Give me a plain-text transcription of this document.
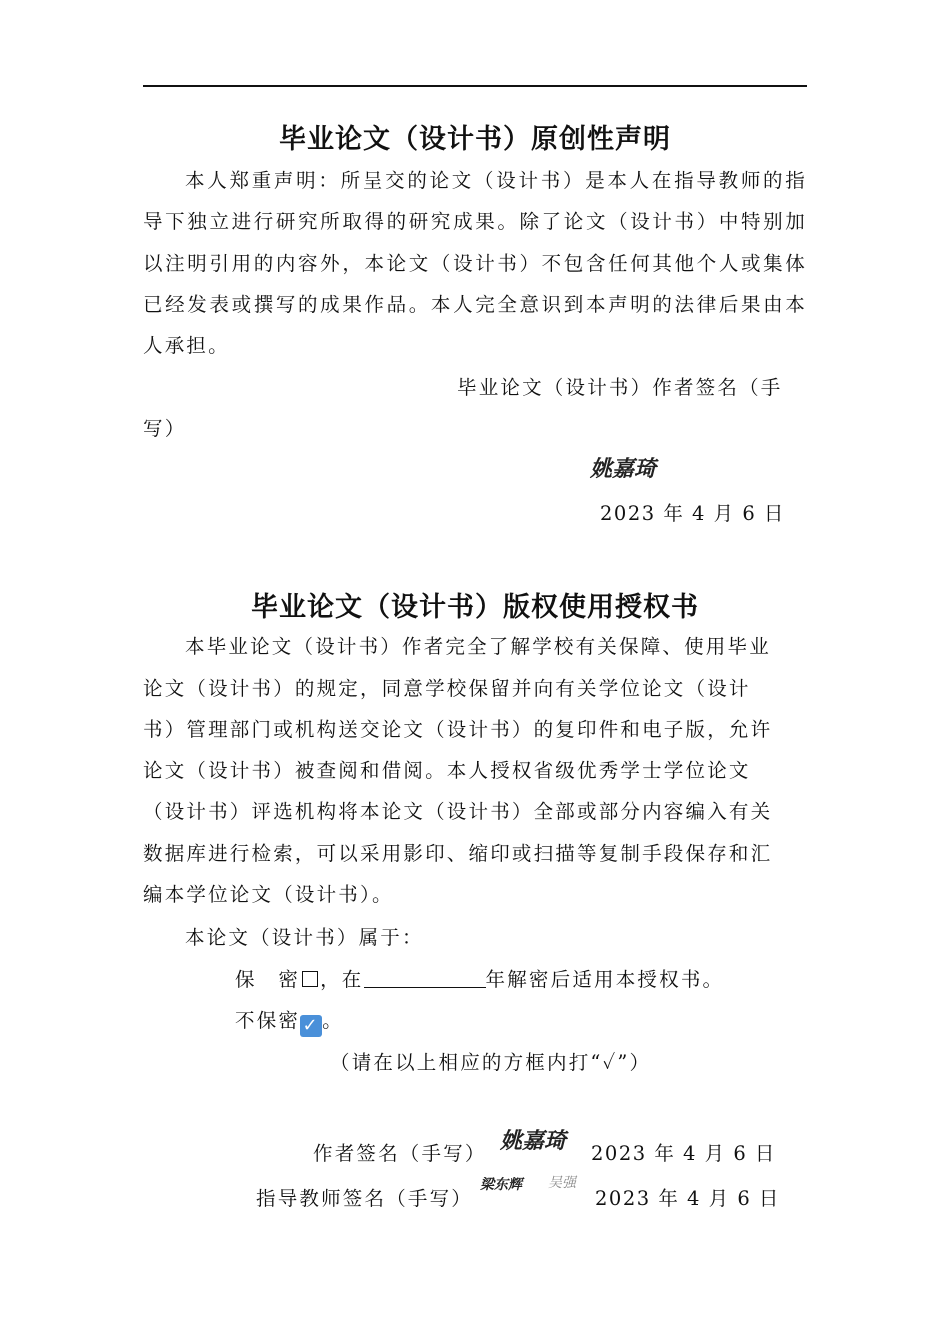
毕业论文（设计书）原创性声明

本人郑重声明：所呈交的论文（设计书）是本人在指导教师的指导下独立进行研究所取得的研究成果。除了论文（设计书）中特别加以注明引用的内容外，本论文（设计书）不包含任何其他个人或集体已经发表或撰写的成果作品。本人完全意识到本声明的法律后果由本人承担。

毕业论文（设计书）作者签名（手
写）
姚嘉琦
2023 年 4 月 6 日
毕业论文（设计书）版权使用授权书
本毕业论文（设计书）作者完全了解学校有关保障、使用毕业
论文（设计书）的规定，同意学校保留并向有关学位论文（设计
书）管理部门或机构送交论文（设计书）的复印件和电子版，允许
论文（设计书）被查阅和借阅。本人授权省级优秀学士学位论文
（设计书）评选机构将本论文（设计书）全部或部分内容编入有关
数据库进行检索，可以采用影印、缩印或扫描等复制手段保存和汇
编本学位论文（设计书）。
本论文（设计书）属于：
保　密 ，在	年解密后适用本授权书。
不保密 ✓ 。
（请在以上相应的方框内打“✓”）
作者签名（手写） 姚嘉琦 2023 年 4 月 6 日
指导教师签名（手写）
梁东辉 吴强
2023 年 4 月 6 日
